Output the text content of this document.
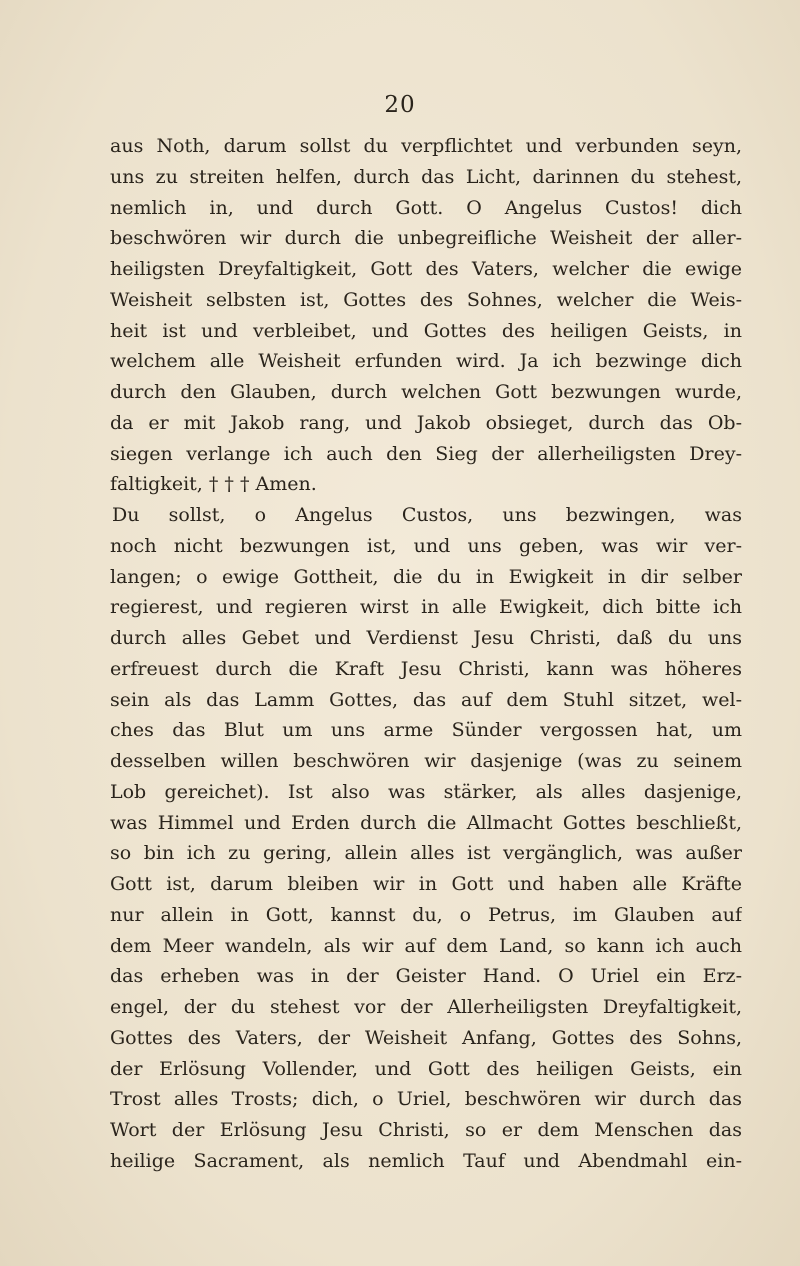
20
aus Noth, darum sollst du verpflichtet und verbunden seyn,
uns zu streiten helfen, durch das Licht, darinnen du stehest,
nemlich in, und durch Gott. O Angelus Custos! dich
beschwören wir durch die unbegreifliche Weisheit der aller-
heiligsten Dreyfaltigkeit, Gott des Vaters, welcher die ewige
Weisheit selbsten ist, Gottes des Sohnes, welcher die Weis-
heit ist und verbleibet, und Gottes des heiligen Geists, in
welchem alle Weisheit erfunden wird. Ja ich bezwinge dich
durch den Glauben, durch welchen Gott bezwungen wurde,
da er mit Jakob rang, und Jakob obsieget, durch das Ob-
siegen verlange ich auch den Sieg der allerheiligsten Drey-
faltigkeit, † † † Amen.
Du sollst, o Angelus Custos, uns bezwingen, was
noch nicht bezwungen ist, und uns geben, was wir ver-
langen; o ewige Gottheit, die du in Ewigkeit in dir selber
regierest, und regieren wirst in alle Ewigkeit, dich bitte ich
durch alles Gebet und Verdienst Jesu Christi, daß du uns
erfreuest durch die Kraft Jesu Christi, kann was höheres
sein als das Lamm Gottes, das auf dem Stuhl sitzet, wel-
ches das Blut um uns arme Sünder vergossen hat, um
desselben willen beschwören wir dasjenige (was zu seinem
Lob gereichet). Ist also was stärker, als alles dasjenige,
was Himmel und Erden durch die Allmacht Gottes beschließt,
so bin ich zu gering, allein alles ist vergänglich, was außer
Gott ist, darum bleiben wir in Gott und haben alle Kräfte
nur allein in Gott, kannst du, o Petrus, im Glauben auf
dem Meer wandeln, als wir auf dem Land, so kann ich auch
das erheben was in der Geister Hand. O Uriel ein Erz-
engel, der du stehest vor der Allerheiligsten Dreyfaltigkeit,
Gottes des Vaters, der Weisheit Anfang, Gottes des Sohns,
der Erlösung Vollender, und Gott des heiligen Geists, ein
Trost alles Trosts; dich, o Uriel, beschwören wir durch das
Wort der Erlösung Jesu Christi, so er dem Menschen das
heilige Sacrament, als nemlich Tauf und Abendmahl ein-
